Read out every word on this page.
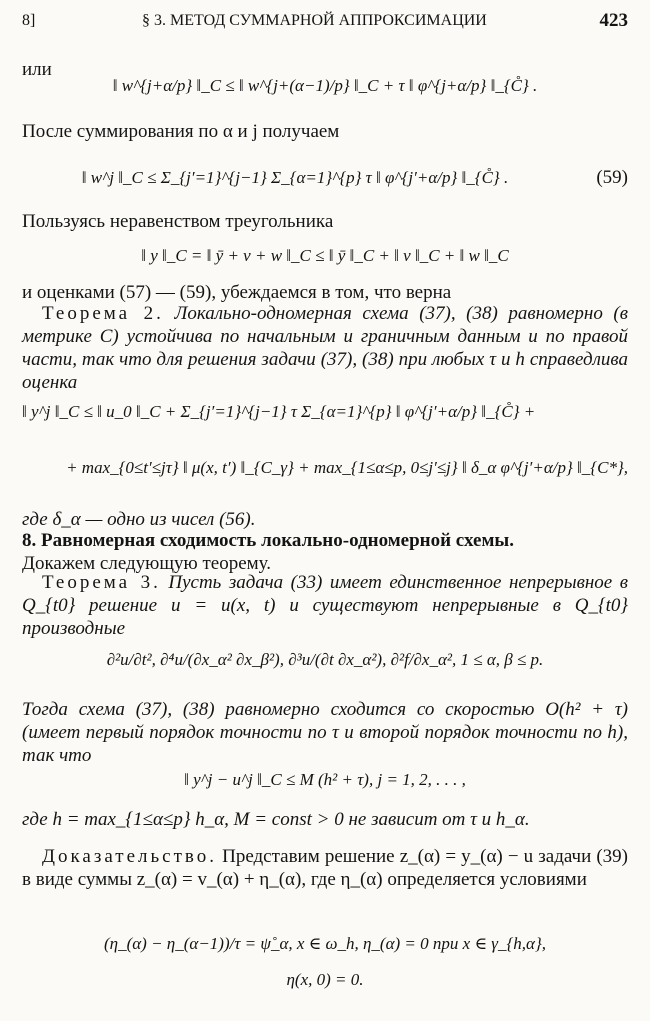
8]	§ 3. МЕТОД СУММАРНОЙ АППРОКСИМАЦИИ	423
или
‖ w^{j+α/p} ‖_C ≤ ‖ w^{j+(α−1)/p} ‖_C + τ ‖ φ^{j+α/p} ‖_{C̊} .
После суммирования по α и j получаем
‖ w^j ‖_C ≤ Σ_{j′=1}^{j−1} Σ_{α=1}^{p} τ ‖ φ^{j′+α/p} ‖_{C̊} .	(59)
Пользуясь неравенством треугольника
‖ y ‖_C = ‖ ȳ + v + w ‖_C ≤ ‖ ȳ ‖_C + ‖ v ‖_C + ‖ w ‖_C
и оценками (57) — (59), убеждаемся в том, что верна
Теорема 2. Локально-одномерная схема (37), (38) равномерно (в метрике C) устойчива по начальным и граничным данным и по правой части, так что для решения задачи (37), (38) при любых τ и h справедлива оценка
‖ y^j ‖_C ≤ ‖ u_0 ‖_C + Σ_{j′=1}^{j−1} τ Σ_{α=1}^{p} ‖ φ^{j′+α/p} ‖_{C̊} +
+ max_{0≤t′≤jτ} ‖ μ(x, t′) ‖_{C_γ} + max_{1≤α≤p, 0≤j′≤j} ‖ δ_α φ^{j′+α/p} ‖_{C*},
где δ_α — одно из чисел (56).
8. Равномерная сходимость локально-одномерной схемы.
Докажем следующую теорему.
Теорема 3. Пусть задача (33) имеет единственное непрерывное в Q_{t0} решение u = u(x, t) и существуют непрерывные в Q_{t0} производные
∂²u/∂t², ∂⁴u/(∂x_α² ∂x_β²), ∂³u/(∂t ∂x_α²), ∂²f/∂x_α², 1 ≤ α, β ≤ p.
Тогда схема (37), (38) равномерно сходится со скоростью O(h² + τ) (имеет первый порядок точности по τ и второй порядок точности по h), так что
‖ y^j − u^j ‖_C ≤ M (h² + τ), j = 1, 2, . . . ,
где h = max_{1≤α≤p} h_α, M = const > 0 не зависит от τ и h_α.
Доказательство. Представим решение z_(α) = y_(α) − u задачи (39) в виде суммы z_(α) = v_(α) + η_(α), где η_(α) определяется условиями
(η_(α) − η_(α−1))/τ = ψ̊_α, x ∈ ω_h, η_(α) = 0 при x ∈ γ_{h,α},
η(x, 0) = 0.
